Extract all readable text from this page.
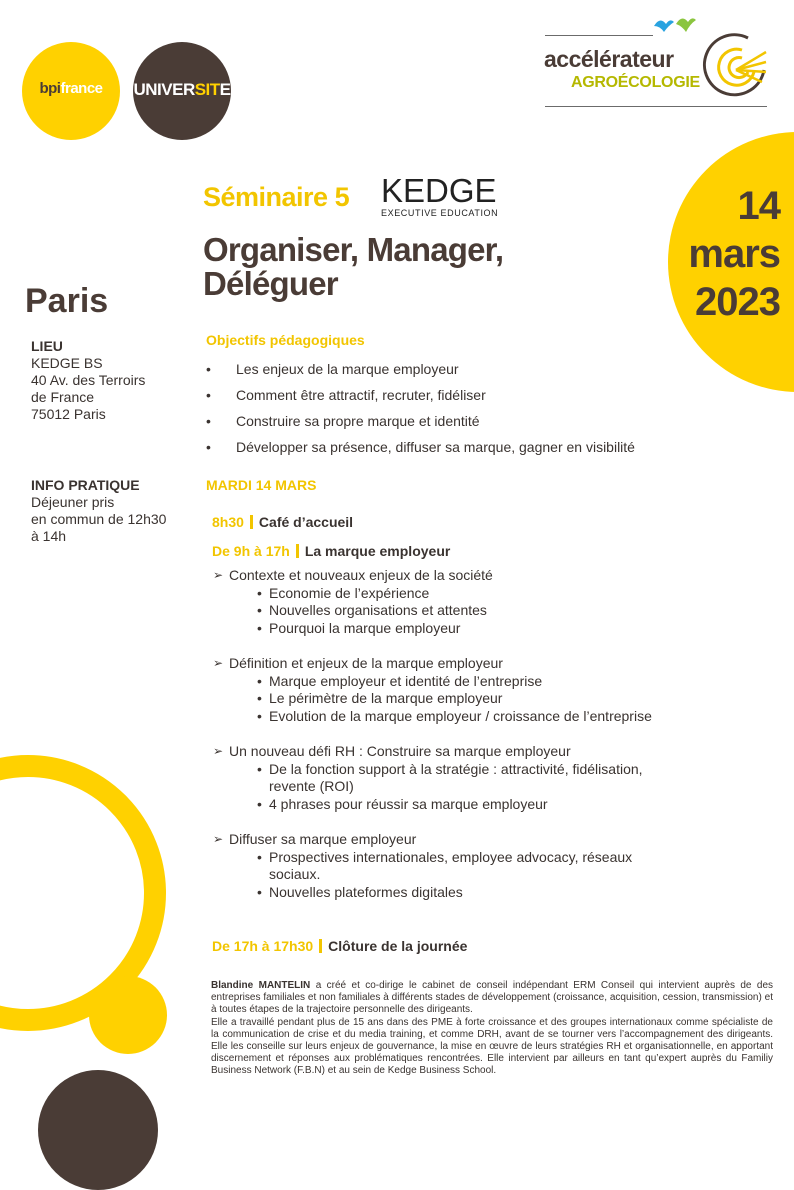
bpifrance	UNIVERSITE
accélérateur
AGROÉCOLOGIE
14
mars
2023
Séminaire 5 KEDGE
EXECUTIVE EDUCATION
Organiser, Manager,
Déléguer
Paris
LIEU
KEDGE BS
40 Av. des Terroirs
de France
75012 Paris
INFO PRATIQUE
Déjeuner pris
en commun de 12h30
à 14h
Objectifs pédagogiques
• Les enjeux de la marque employeur
• Comment être attractif, recruter, fidéliser
• Construire sa propre marque et identité
• Développer sa présence, diffuser sa marque, gagner en visibilité
MARDI 14 MARS
8h30 Café d’accueil
De 9h à 17h La marque employeur
➢ Contexte et nouveaux enjeux de la société
• Economie de l’expérience
• Nouvelles organisations et attentes
• Pourquoi la marque employeur
➢ Définition et enjeux de la marque employeur
• Marque employeur et identité de l’entreprise
• Le périmètre de la marque employeur
• Evolution de la marque employeur / croissance de l’entreprise
➢ Un nouveau défi RH : Construire sa marque employeur
• De la fonction support à la stratégie : attractivité, fidélisation, revente (ROI)
• 4 phrases pour réussir sa marque employeur
➢ Diffuser sa marque employeur
• Prospectives internationales, employee advocacy, réseaux sociaux.
• Nouvelles plateformes digitales
De 17h à 17h30 Clôture de la journée

Blandine MANTELIN a créé et co-dirige le cabinet de conseil indépendant ERM Conseil qui intervient auprès de des entreprises familiales et non familiales à différents stades de développement (croissance, acquisition, cession, transmission) et à toutes étapes de la trajectoire personnelle des dirigeants.

Elle a travaillé pendant plus de 15 ans dans des PME à forte croissance et des groupes internationaux comme spécialiste de la communication de crise et du media training, et comme DRH, avant de se tourner vers l’accompagnement des dirigeants. Elle les conseille sur leurs enjeux de gouvernance, la mise en œuvre de leurs stratégies RH et organisationnelle, en apportant discernement et réponses aux problématiques rencontrées. Elle intervient par ailleurs en tant qu’expert auprès du Familiy Business Network (F.B.N) et au sein de Kedge Business School.
